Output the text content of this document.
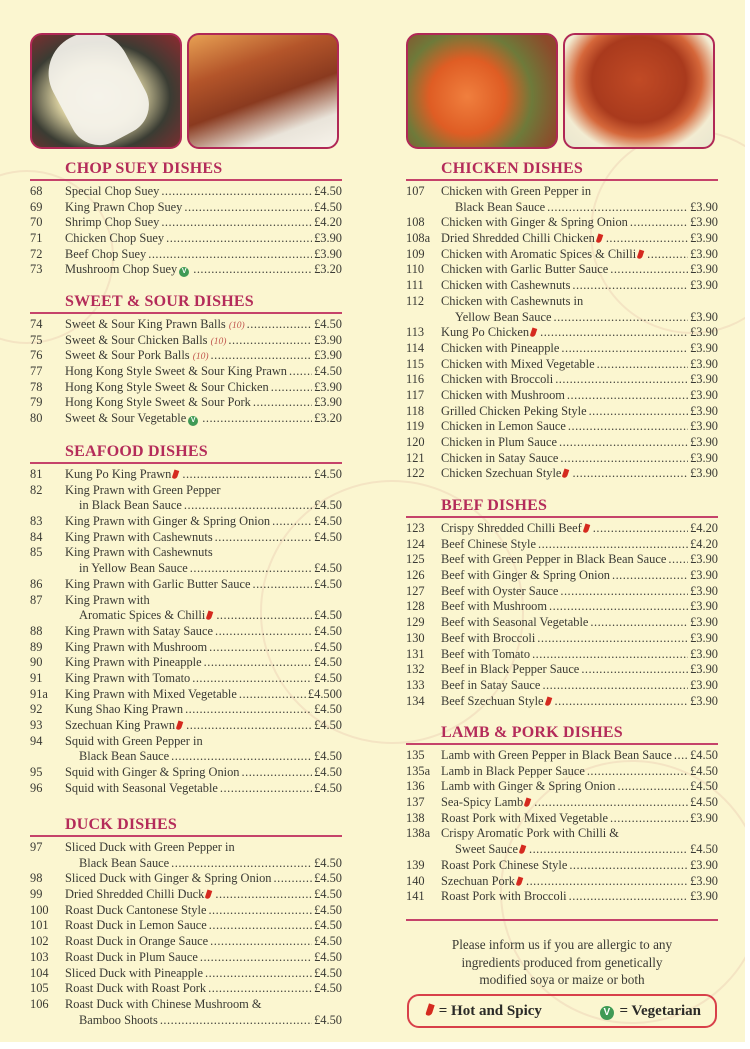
CHOP SUEY DISHES
68	Special Chop Suey .....	£4.50
69	King Prawn Chop Suey .....	£4.50
70	Shrimp Chop Suey .....	£4.20
71	Chicken Chop Suey .....	£3.90
72	Beef Chop Suey .....	£3.90
73	Mushroom Chop Suey V .....	£3.20
SWEET & SOUR DISHES
74	Sweet & Sour King Prawn Balls (10) .....	£4.50
75	Sweet & Sour Chicken Balls (10) .....	£3.90
76	Sweet & Sour Pork Balls (10) .....	£3.90
77	Hong Kong Style Sweet & Sour King Prawn ..... £4.50
78	Hong Kong Style Sweet & Sour Chicken .....	£3.90
79	Hong Kong Style Sweet & Sour Pork .....	£3.90
80	Sweet & Sour Vegetable V .....	£3.20
SEAFOOD DISHES
81	Kung Po King Prawn .....	£4.50
82	King Prawn with Green Pepper
in Black Bean Sauce .....	£4.50
83	King Prawn with Ginger & Spring Onion .....	£4.50
84	King Prawn with Cashewnuts .....	£4.50
85	King Prawn with Cashewnuts
in Yellow Bean Sauce .....	£4.50
86	King Prawn with Garlic Butter Sauce .....	£4.50
87	King Prawn with
Aromatic Spices & Chilli .....	£4.50
88	King Prawn with Satay Sauce .....	£4.50
89	King Prawn with Mushroom .....	£4.50
90	King Prawn with Pineapple .....	£4.50
91	King Prawn with Tomato .....	£4.50
91a	King Prawn with Mixed Vegetable .....	£4.500
92	Kung Shao King Prawn .....	£4.50
93	Szechuan King Prawn .....	£4.50
94	Squid with Green Pepper in
Black Bean Sauce .....	£4.50
95	Squid with Ginger & Spring Onion .....	£4.50
96	Squid with Seasonal Vegetable .....	£4.50
DUCK DISHES
97	Sliced Duck with Green Pepper in
Black Bean Sauce .....	£4.50
98	Sliced Duck with Ginger & Spring Onion .....	£4.50
99	Dried Shredded Chilli Duck .....	£4.50
100	Roast Duck Cantonese Style .....	£4.50
101	Roast Duck in Lemon Sauce .....	£4.50
102	Roast Duck in Orange Sauce .....	£4.50
103	Roast Duck in Plum Sauce .....	£4.50
104	Sliced Duck with Pineapple .....	£4.50
105	Roast Duck with Roast Pork .....	£4.50
106	Roast Duck with Chinese Mushroom &
Bamboo Shoots .....	£4.50
CHICKEN DISHES
107	Chicken with Green Pepper in
Black Bean Sauce .....	£3.90
108	Chicken with Ginger & Spring Onion .....	£3.90
108a Dried Shredded Chilli Chicken .....	£3.90
109	Chicken with Aromatic Spices & Chilli .....	£3.90
110	Chicken with Garlic Butter Sauce .....	£3.90
111	Chicken with Cashewnuts .....	£3.90
112	Chicken with Cashewnuts in
Yellow Bean Sauce .....	£3.90
113	Kung Po Chicken .....	£3.90
114	Chicken with Pineapple .....	£3.90
115	Chicken with Mixed Vegetable .....	£3.90
116	Chicken with Broccoli .....	£3.90
117	Chicken with Mushroom .....	£3.90
118	Grilled Chicken Peking Style .....	£3.90
119	Chicken in Lemon Sauce .....	£3.90
120	Chicken in Plum Sauce .....	£3.90
121	Chicken in Satay Sauce .....	£3.90
122	Chicken Szechuan Style .....	£3.90
BEEF DISHES
123	Crispy Shredded Chilli Beef .....	£4.20
124	Beef Chinese Style .....	£4.20
125	Beef with Green Pepper in Black Bean Sauce ..... £3.90
126	Beef with Ginger & Spring Onion .....	£3.90
127	Beef with Oyster Sauce .....	£3.90
128	Beef with Mushroom .....	£3.90
129	Beef with Seasonal Vegetable .....	£3.90
130	Beef with Broccoli .....	£3.90
131	Beef with Tomato .....	£3.90
132	Beef in Black Pepper Sauce .....	£3.90
133	Beef in Satay Sauce .....	£3.90
134	Beef Szechuan Style .....	£3.90
LAMB & PORK DISHES
135	Lamb with Green Pepper in Black Bean Sauce ..... £4.50
135a Lamb in Black Pepper Sauce .....	£4.50
136	Lamb with Ginger & Spring Onion .....	£4.50
137	Sea-Spicy Lamb .....	£4.50
138	Roast Pork with Mixed Vegetable .....	£3.90
138a Crispy Aromatic Pork with Chilli &
Sweet Sauce .....	£4.50
139	Roast Pork Chinese Style .....	£3.90
140	Szechuan Pork .....	£3.90
141	Roast Pork with Broccoli .....	£3.90
Please inform us if you are allergic to any
ingredients produced from genetically
modified soya or maize or both
= Hot and Spicy	V = Vegetarian
